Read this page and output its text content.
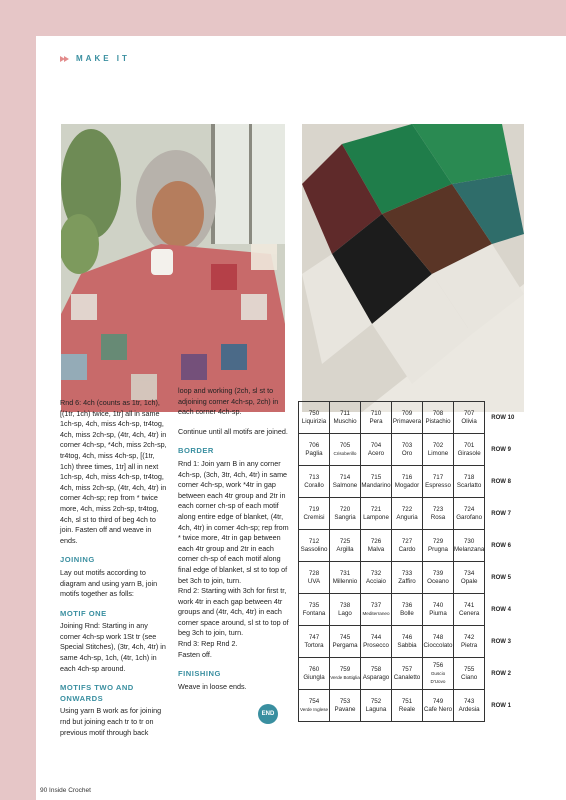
MAKE IT

Rnd 6: 4ch (counts as 1tr, 1ch), [(1tr, 1ch) twice, 1tr] all in same 1ch-sp, 4ch, miss 4ch-sp, tr4tog, 4ch, miss 2ch-sp, (4tr, 4ch, 4tr) in corner 4ch-sp, *4ch, miss 2ch-sp, tr4tog, 4ch, miss 4ch-sp, [(1tr, 1ch) three times, 1tr] all in next 1ch-sp, 4ch, miss 4ch-sp, tr4tog, 4ch, miss 2ch-sp, (4tr, 4ch, 4tr) in corner 4ch-sp; rep from * twice more, 4ch, miss 2ch-sp, tr4tog, 4ch, sl st to third of beg 4ch to join. Fasten off and weave in ends.

JOINING

Lay out motifs according to diagram and using yarn B, join motifs together as folls:

MOTIF ONE

Joining Rnd: Starting in any corner 4ch-sp work 1St tr (see Special Stitches), (3tr, 4ch, 4tr) in same 4ch-sp, 1ch, (4tr, 1ch) in each 4ch-sp around.

MOTIFS TWO AND ONWARDS

Using yarn B work as for joining rnd but joining each tr to tr on previous motif through back

loop and working (2ch, sl st to adjoining corner 4ch-sp, 2ch) in each corner 4ch-sp.

Continue until all motifs are joined.

BORDER

Rnd 1: Join yarn B in any corner 4ch-sp, (3ch, 3tr, 4ch, 4tr) in same corner 4ch-sp, work *4tr in gap between each 4tr group and 2tr in each corner ch-sp of each motif along entire edge of blanket, (4tr, 4ch, 4tr) in corner 4ch-sp; rep from * twice more, 4tr in gap between each 4tr group and 2tr in each corner ch-sp of each motif along final edge of blanket, sl st to top of bet 3ch to join, turn.
Rnd 2: Starting with 3ch for first tr, work 4tr in each gap between 4tr groups and (4tr, 4ch, 4tr) in each corner space around, sl st to top of beg 3ch to join, turn.
Rnd 3: Rep Rnd 2.
Fasten off.

FINISHING

Weave in loose ends.

END
750
Liquirizia	711
Muschio	710
Pera	709
Primavera	708
Pistachio	707
Olivia	ROW 10

706
Paglia	705
Crisoberillo	704
Acero	703
Oro	702
Limone	701
Girasole	ROW 9

713
Corallo	714
Salmone	715
Mandarino	716
Mogador	717
Espresso	718
Scarlatto	ROW 8

719
Cremisi	720
Sangria	721
Lampone	722
Anguria	723
Rosa	724
Garofano	ROW 7

712
Sassolino	725
Argilla	726
Malva	727
Cardo	729
Prugna	730
Melanzana	ROW 6

728
UVA	731
Millennio	732
Acciaio	733
Zaffiro	739
Oceano	734
Opale	ROW 5

735
Fontana	738
Lago	737
Mediterraneo	736
Bolle	740
Piuma	741
Cenera	ROW 4

747
Tortora	745
Pergama	744
Prosecco	746
Sabbia	748
Cioccolato	742
Pietra	ROW 3

760
Giungla	759
Verde Bottiglia	758
Asparago	757
Canaletto	756
Guscio D'Uovo	755
Ciano	ROW 2

754
Verde Inglese	753
Pavane	752
Laguna	751
Reale	749
Cafe Nero	743
Ardesia	ROW 1
90 Inside Crochet	PassionForum.ru
